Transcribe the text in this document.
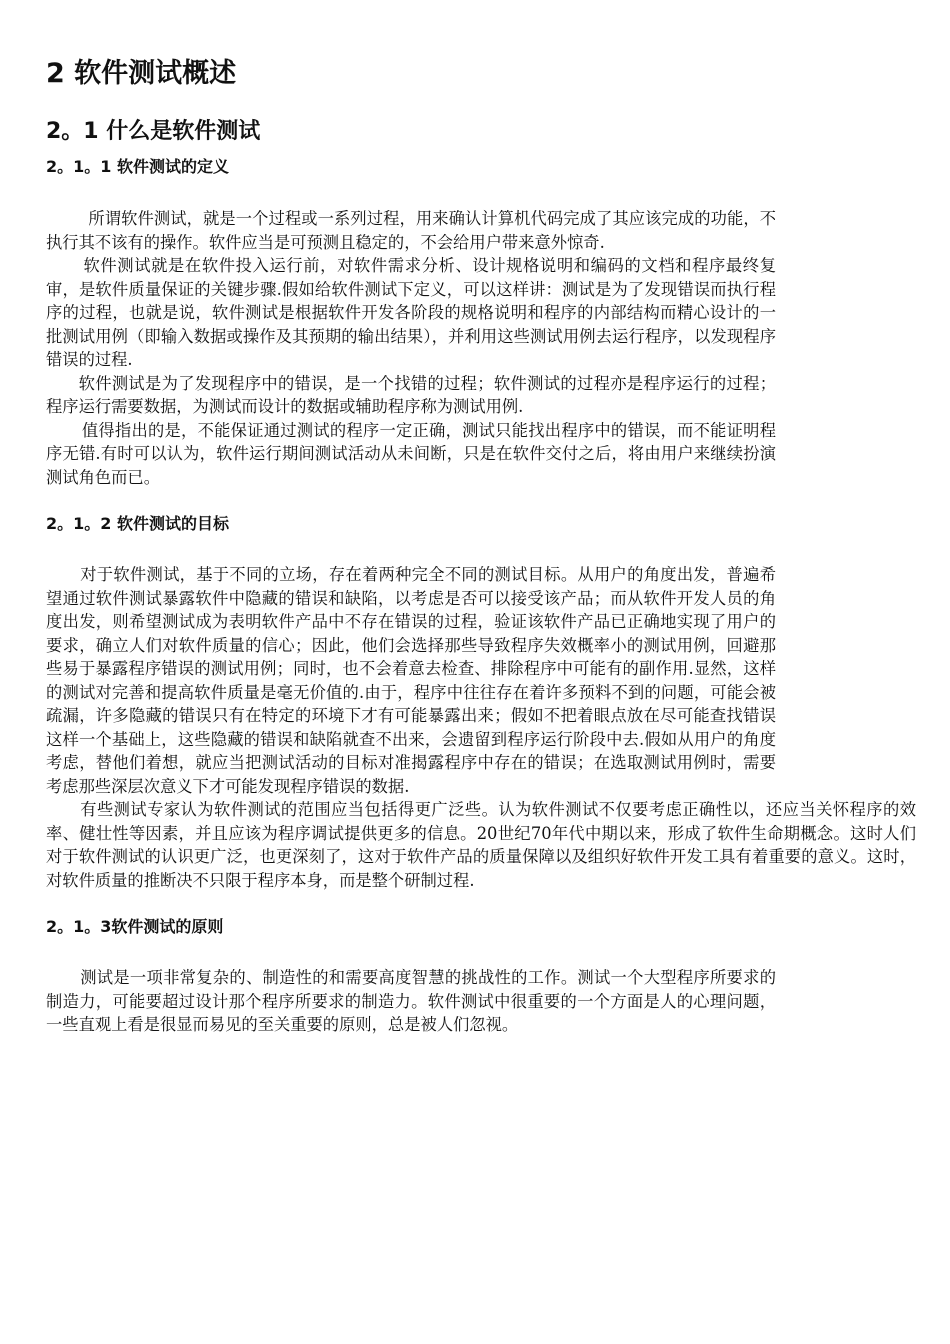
2 软件测试概述
2。1 什么是软件测试
2。1。1 软件测试的定义

所谓软件测试，就是一个过程或一系列过程，用来确认计算机代码完成了其应该完成的功能，不执行其不该有的操作。软件应当是可预测且稳定的，不会给用户带来意外惊奇.

软件测试就是在软件投入运行前，对软件需求分析、设计规格说明和编码的文档和程序最终复审，是软件质量保证的关键步骤.假如给软件测试下定义，可以这样讲：测试是为了发现错误而执行程序的过程，也就是说，软件测试是根据软件开发各阶段的规格说明和程序的内部结构而精心设计的一批测试用例（即输入数据或操作及其预期的输出结果），并利用这些测试用例去运行程序，以发现程序错误的过程.

软件测试是为了发现程序中的错误，是一个找错的过程；软件测试的过程亦是程序运行的过程；程序运行需要数据，为测试而设计的数据或辅助程序称为测试用例.

值得指出的是，不能保证通过测试的程序一定正确，测试只能找出程序中的错误，而不能证明程序无错.有时可以认为，软件运行期间测试活动从未间断，只是在软件交付之后，将由用户来继续扮演测试角色而已。

2。1。2 软件测试的目标

对于软件测试，基于不同的立场，存在着两种完全不同的测试目标。从用户的角度出发，普遍希望通过软件测试暴露软件中隐藏的错误和缺陷，以考虑是否可以接受该产品；而从软件开发人员的角度出发，则希望测试成为表明软件产品中不存在错误的过程，验证该软件产品已正确地实现了用户的要求，确立人们对软件质量的信心；因此，他们会选择那些导致程序失效概率小的测试用例，回避那些易于暴露程序错误的测试用例；同时，也不会着意去检查、排除程序中可能有的副作用.显然，这样的测试对完善和提高软件质量是毫无价值的.由于，程序中往往存在着许多预料不到的问题，可能会被疏漏，许多隐藏的错误只有在特定的环境下才有可能暴露出来；假如不把着眼点放在尽可能查找错误这样一个基础上，这些隐藏的错误和缺陷就查不出来，会遗留到程序运行阶段中去.假如从用户的角度考虑，替他们着想，就应当把测试活动的目标对准揭露程序中存在的错误；在选取测试用例时，需要考虑那些深层次意义下才可能发现程序错误的数据.

有些测试专家认为软件测试的范围应当包括得更广泛些。认为软件测试不仅要考虑正确性以，还应当关怀程序的效率、健壮性等因素，并且应该为程序调试提供更多的信息。20世纪70年代中期以来，形成了软件生命期概念。这时人们对于软件测试的认识更广泛，也更深刻了，这对于软件产品的质量保障以及组织好软件开发工具有着重要的意义。这时，对软件质量的推断决不只限于程序本身，而是整个研制过程.

2。1。3软件测试的原则

测试是一项非常复杂的、制造性的和需要高度智慧的挑战性的工作。测试一个大型程序所要求的制造力，可能要超过设计那个程序所要求的制造力。软件测试中很重要的一个方面是人的心理问题，一些直观上看是很显而易见的至关重要的原则，总是被人们忽视。
